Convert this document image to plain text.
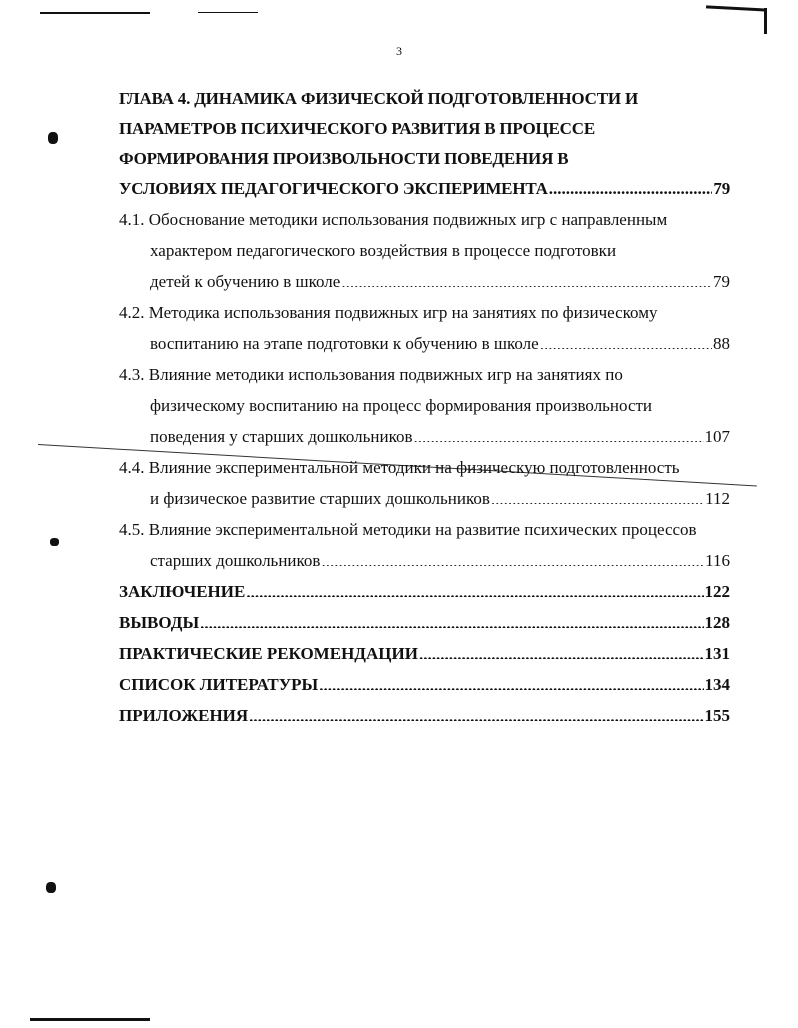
3
ГЛАВА 4. ДИНАМИКА ФИЗИЧЕСКОЙ ПОДГОТОВЛЕННОСТИ И
ПАРАМЕТРОВ ПСИХИЧЕСКОГО РАЗВИТИЯ В ПРОЦЕССЕ
ФОРМИРОВАНИЯ ПРОИЗВОЛЬНОСТИ ПОВЕДЕНИЯ В
УСЛОВИЯХ ПЕДАГОГИЧЕСКОГО ЭКСПЕРИМЕНТА .....	79
4.1. Обоснование методики использования подвижных игр с направленным
характером педагогического воздействия в процессе подготовки
детей к обучению в школе .....	79
4.2. Методика использования подвижных игр на занятиях по физическому
воспитанию на этапе подготовки к обучению в школе .....	88
4.3. Влияние методики использования подвижных игр на занятиях по
физическому воспитанию на процесс формирования произвольности
поведения у старших дошкольников .....	107
4.4. Влияние экспериментальной методики на физическую подготовленность
и физическое развитие старших дошкольников .....	112
4.5. Влияние экспериментальной методики на развитие психических процессов
старших дошкольников .....	116
ЗАКЛЮЧЕНИЕ .....	122
ВЫВОДЫ .....	128
ПРАКТИЧЕСКИЕ РЕКОМЕНДАЦИИ .....	131
СПИСОК ЛИТЕРАТУРЫ .....	134
ПРИЛОЖЕНИЯ .....	155
